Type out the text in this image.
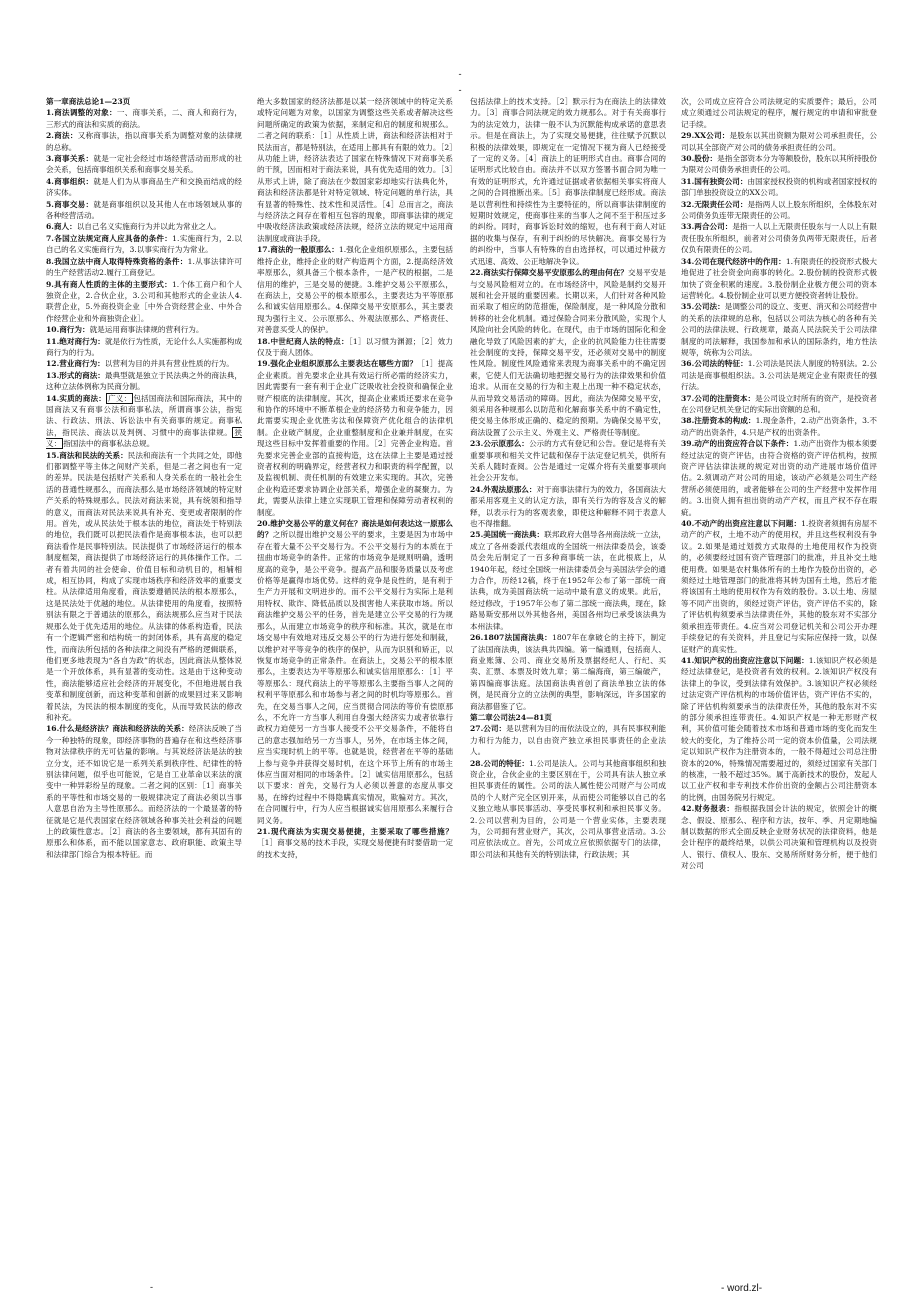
-
-

第一章商法总论1—23页

1.商法调整的对象：一、商事关系，二、商人和商行为，三形式的商法和实质的商法。

2.商法：又称商事法，指以商事关系为调整对象的法律规的总称。

3.商事关系：就是一定社会经过市场经营活动而形成的社会关系，包括商事组织关系和商事交易关系。

4.商事组织：就是人们为从事商品生产和交换而结成的经济实体。

5.商事交易：就是商事组织以及其他人在市场领域从事的各种经营活动。

6.商人：以自己名义实施商行为并以此为常业之人。

7.各国立法规定商人应具备的条件：1.实施商行为，2.以自己的名义实施商行为，3.以事实商行为为常业。

8.我国立法中商人取得特殊资格的条件：1.从事法律许可的生产经营活动2.履行工商登记。

9.具有商人性质的主体的主要形式：1.个体工商户和个人独资企业，2.合伙企业，3.公司和其他形式的企业法人4.联营企业，5.外商投资企业［中外合资经营企业、中外合作经营企业和外商独资企业］。

10.商行为：就是运用商事法律规的营利行为。

11.绝对商行为：就是依行为性质，无论什么人实施都构成商行为的行为。

12.营业商行为：以营利为目的并具有营业性质的行为。

13.形式的商法：最典型就是独立于民法典之外的商法典，这种立法体例称为民商分制。

14.实质的商法： 广义： 包括国商法和国际商法，其中的国商法又有商事公法和商事私法，所谓商事公法，指宪法、行政法、刑法、诉讼法中有关商事的规定。商事私法，指民法、商法以及判例、习惯中的商事法律规。 狭义： 指国法中的商事私法总规。

15.商法和民法的关系：民法和商法有一个共同之处，即他们都调整平等主体之间财产关系，但是二者之间也有一定的差异。民法是包括财产关系和人身关系在的一般社会生活的普通性规那么，而商法那么是市场经济领域的特定财产关系的特殊规那么。民法对商法来说，具有统领和指导的意义，而商法对民法来说具有补充、变更或者限制的作用。首先，或从民法处于根本法的地位，商法处于特别法的地位，我们既可以把民法看作是商事根本法，也可以把商法看作是民事特别法。民法提供了市场经济运行的根本制度框架，商法提供了市场经济运行的具体操作工作。二者有着共同的社会使命、价值目标和动机目的，相辅相成，相互协同，构成了实现市场秩序和经济效率的重要支柱。从法律适用角度看，商法要遵循民法的根本原那么，这是民法处于优越的地位。从法律使用的角度看，按照特别法有限之于普通法的原那么，商法规那么应当对于民法规那么处于优先适用的地位。从法律的体系构造看，民法有一个逻辑严密和结构统一的封闭体系，具有高度的稳定性，而商法所包括的各种法律之间没有严格的逻辑联系，他们更多地表现为“各自为政”的状态，因此商法从整体说是一个开放体系，具有显著的变动性。这是由于这种变动性，商法能够适应社会经济的开展变化，不但地进展自我变革和制度创新，而这种变革和创新的成果回过来又影响着民法，为民法的根本制度的变化，从而导致民法的修改和补充。

16.什么是经济法？商法和经济法的关系：经济法反映了当今一种独特的现象，即经济事物的普遍存在和这些经济事物对法律秩序的无可估量的影响。与其说经济法是法的独立分支，还不如说它是一系列关系到秩序性、纪律性的特别法律问题，似乎也可能说，它是自工业革命以来法的演变中一种异彩纷呈的现象。二者之间的区别：［1］商事关系的平等性和市场交易的一般规律决定了商法必须以当事人意思自治为主导性原那么。而经济法的一个最显著的特征就是它是代表国家在经济领域各种事关社会利益的问题上的政策性意志。［2］商法的各主要领域，都有其固有的原那么和体系，而不能以国家意志、政府职能、政策主导和法律部门综合为根本特征。而

绝大多数国家的经济法都是以某一经济领域中的特定关系或特定问题为对象，以国家为调整这些关系或者解决这些问题所确定的政策为依据，来制定和启的制度和规那么。二者之间的联系：［1］从性质上讲，商法和经济法相对于民法而言，都是特别法，在适用上都具有有限的效力。［2］从功能上讲，经济法表达了国家在特殊情况下对商事关系的干预，因而相对于商法来说，具有优先适用的效力。［3］从形式上讲，除了商法在少数国家彩却地实行法典化外，商法和经济法都是针对特定领域、特定问题的单行法，具有显著的特殊性、技术性和灵活性。［4］总而言之，商法与经济法之间存在着相互包容的现象，即商事法律的规定中吸收经济法政策或经济法规，经济立法的规定中运用商法制度或商法手段。

17.商法的一般原那么：1.强化企业组织原那么，主要包括维持企业，维持企业的财产构造两个方面，2.提高经济效率原那么，须具备三个根本条件，一是产权的根据，二是信用的维护，三是交易的便捷。3.维护交易公平原那么，在商法上，交易公平的根本原那么，主要表达为平等原那么和诚实信用原那么。4.保障交易平安原那么，其主要表现为强行主义、公示原那么、外观法原那么、严格责任、对善意买受人的保护。

18.中世纪商人法的特点：［1］以习惯为渊源；［2］效力仅及于商人团体。

19.强化企业组织原那么主要表达在哪些方面？［1］提高企业素质。首先要求企业具有效运行所必需的经济实力，因此需要有一套有利于企业广泛吸收社会投资和确保企业财产根底的法律制度。其次，提高企业素质还要求在竞争和协作的环境中不断革根企业的经济势力和竞争能力，因此需要实现企业优胜劣汰和保障资产优化组合的法律机制。企业破产制度，企业重整制度和企业兼并制度，在实现这些目标中发挥着重要的作用。［2］完善企业构造。首先要求完善企业部的直接构造，这在法律上主要是通过授资者权利的明确界定，经营者权力和职责的科学配置，以及监视机制、责任机制的有效建立来实现的。其次，完善企业构造还要求协调企业部关系，增强企业的凝聚力。为此，需要从法律上建立实现职工管理和保障劳动者权利的制度。

20.维护交易公平的意义何在？商法是如何表达这一原那么的？之所以提出维护交易公平的要求，主要是因为市场中存在着大量不公平交易行为。不公平交易行为的本质在于扭曲市场竞争的条件。正常的市场竞争是规则明确，透明度高的竞争，是公平竞争。提高产品和服务质量以及考虑价格等是赢得市场优势。这样的竞争是良性的，是有利于生产力开展和文明进步的。而不公平交易行为实际上是利用特权、欺诈、降低品质以及损害他人来获取市场。所以商法维护交易公平的任务，首先是建立公平交易的行为规那么，从而建立市场竞争的秩序和标准。其次，就是在市场交易中有效地对违反交易公平的行为进行惩处和制裁，以维护对平等竞争的秩序的保护，从而为识别和矫正，以恢复市场竞争的正常条件。在商法上，交易公平的根本原那么，主要表达为平等原那么和诚实信用原那么：［1］平等原那么：现代商法上的平等原那么主要指当事人之间的权利平等原那么和市场参与者之间的时机均等原那么。首先，在交易当事人之间，应当贯彻合同法的等价有偿原那么，不允许一方当事人利用自身强大经济实力或者依靠行政权力迫使另一方当事人接受不公平交易条件，不能将自己的意志强加给另一方当事人，另外，在市场主体之间，应当实现时机上的平等。也就是说，经营者在平等的基础上参与竞争并获得交易时机，在这个环节上所有的市场主体应当面对相同的市场条件。［2］诚实信用原那么，包括以下要求：首先，交易行为人必须以善意的态度从事交易，在缔约过程中不得隐瞒真实情况，欺骗对方。其次，在合同履行中，行为人应当根据诚实信用原那么来履行合同义务。

21.现代商法为实现交易便捷，主要采取了哪些措施？［1］商事交易的技术手段，实现交易便捷有时要借助一定的技术支持，

包括法律上的技术支持。［2］默示行为在商法上的法律效力。［3］商事合同法规定的效力规那么。对于有关商事行为的法定效力，法律一般不认为沉默能构成承诺的意思表示。但是在商法上，为了实现交易便捷，往往赋予沉默以积极的法律效果，即规定在一定情况下视为商人已经接受了一定的义务。［4］商法上的证明形式自由。商事合同的证明形式比较自由。商法并不以双方签署书面合同为唯一有效的证明形式，允许通过证据或者依据相关事实将商人之间的合同推断出来。［5］商事法律制度已经形成。商法是以营利性和持续性为主要特征的，所以商事法律制度的短期时效规定，使商事往来的当事人之间不至于积压过多的纠纷。同时，商事诉讼时效的缩短，也有利于商人对证据的收集与保存，有利于纠纷的尽快解决。商事交易行为的纠纷中，当事人有特殊的自由选择权，可以通过仲裁方式迅速、高效、公正地解决争议。

22.商法实行保障交易平安原那么的理由何在？交易平安是与交易风险相对立的。在市场经济中，风险是制约交易开展和社会开展的重要因素。长期以来，人们针对各种风险而采取了相应的防范措施，保险制度，是一种风险分散和转移的社会化机制。通过保险合同来分散风险，实现个人风险向社会风险的转化。在现代，由于市场的国际化和金融化导致了风险因素的扩大，企业的抗风险能力往往需要社会制度的支持，保障交易平安，还必须对交易中的制度性风险。制度性风险通常来表现为商事关系中的不确定因素，它使人们无法确切地把握交易行为的法律效果和价值追求。从而在交易的行为和主观上出现一种不稳定状态，从而导致交易活动的障碍。因此，商法为保障交易平安，须采用各种规那么以防范和化解商事关系中的不确定性，使交易主体形成正确的、稳定的预期。为确保交易平安，商法设置了公示主义、外观主义、严格责任等制度。

23.公示原那么：公示的方式有登记和公告。登记是将有关重要事项和相关文件记载和保存于法定登记机关，供所有关系人随时查阅。公告是通过一定媒介将有关重要事项向社会公开发布。

24.外观法原那么：对于商事法律行为的效力，各国商法大都采用客观主义的认定方法，即有关行为的容及含义的解释，以表示行为的客观表象，即使这种解释不同于表意人也不得推翻。

25.美国统一商法典：联邦政府大倡导各州商法统一立法，成立了各州委派代表组成的全国统一州法律委员会，该委员会先后制定了一百多种商事统一法，在此根底上，从1940年起，经过全国统一州法律委员会与美国法学会的通力合作，历经12稿，终于在1952年公布了第一部统一商法典，成为美国商法统一运动中最有意义的成果。此后，经过修改，于1957年公布了第二部统一商法典，现在，除路易斯安那州以外其他各州，美国各州均已承受该法典为本州法律。

26.1807法国商法典：1807年在拿破仑的主持下，制定了法国商法典，该法典共四编。第一编通则，包括商人、商业账簿、公司、商业交易所及票据经纪人、行纪、买卖、汇票、本票及时效九章；第二编海商，第三编破产，第四编商事法庭。法国商法典首创了商法单独立法的体例，是民商分立的立法例的典型，影响深远，许多国家的商法都借鉴了它。

第二章公司法24—81页

27.公司：是以营利为目的而依法设立的，具有民事权利能力和行为能力，以自由资产独立承担民事责任的企业法人。

28.公司的特征：1.公司是法人。公司与其他商事组织和独资企业，合伙企业的主要区别在于，公司具有法人独立承担民事责任的属性。公司的法人属性使公司财产与公司成员的个人财产完全区别开来，从而使公司能够以自己的名义独立地从事民事活动、享受民事权利和承担民事义务。2.公司以营利为目的，公司是一个营业实体，主要表现为，公司拥有营业财产，其次，公司从事营业活动。3.公司应依法成立。首先，公司成立应依照依据专门的法律，即公司法和其他有关的特别法律，行政法规；其

次，公司成立应符合公司法规定的实质要件；最后，公司成立须通过公司法规定的程序，履行规定的申请和审批登记手续。

29.XX公司：是股东以其出资额为限对公司承担责任，公司以其全部资产对公司的债务承担责任的公司。

30.股份：是指全部资本分为等额股份，股东以其所持股份为限对公司债务承担责任的公司。

31.国有独资公司：由国家授权投资的机构或者国家授权的部门单独投资设立的XX公司。

32.无限责任公司：是指两人以上股东所组织，全体股东对公司债务负连带无限责任的公司。

33.两合公司：是指一人以上无限责任股东与一人以上有限责任股东所组织，前者对公司债务负两带无限责任，后者仅负有限责任的公司。

34.公司在现代经济中的作用：1.有限责任的投资形式极大地促进了社会资金向商事的转化。2.股份制的投资形式极加快了资金积累的速度。3.股份制企业极方便公司的资本运营转化。4.股份制企业可以更方便投资者转让股份。

35.公司法：是调整公司的设立、变更、消灭和公司经营中的关系的法律规的总称，包括以公司法为核心的各种有关公司的法律法规、行政规章，最高人民法院关于公司法律制度的司法解释，我国参加和承认的国际条约，地方性法规等，统称为公司法。

36.公司法的特征：1.公司法是民法人制度的特别法。2.公司法是商事根组织法。3.公司法是规定企业有限责任的强行法。

37.公司的注册资本：是公司设立时所有的资产，是投资者在公司登记机关登记的实际出资额的总和。

38.注册资本的构成：1.现金条件，2.动产出资条件，3.不动产的出资条件，4.只是产权的出资条件。

39.动产的出资应符合以下条件：1.动产出资作为根本须要经过法定的资产评估，由符合资格的资产评估机构，按照资产评估法律法规的规定对出资的动产进展市场价值评估。2.须调动产对公司的用途，该动产必须是公司生产经营所必须使用的，或者能够在公司的生产经营中发挥作用的。3.出资人拥有担出资的动产产权，而且产权不存在瑕疵。

40.不动产的出资应注意以下问题：1.投资者须拥有房屋不动产的产权，土地不动产的使用权，并且这些权利没有争议。2.如果是通过划拨方式取得的土地使用权作为投资的，必须要经过国有资产管理部门的批准，并且补交土地使用费。如果是农村集体所有的土地作为股份出资的，必须经过土地管理部门的批准将其转为国有土地，然后才能将该国有土地的使用权作为有效的股份。3.以土地、房屋等不同产出资的，须经过资产评估，资产评估不实的，除了评估机构须要承当法律责任外，其他的股东对不实部分须承担连带责任。4.应当对公司登记机关和公司公开办理手续登记的有关资料，并且登记与实际应保持一致，以保证财产的真实性。

41.知识产权的出资应注意以下问题：1.该知识产权必须是经过法律登记，是投资者有效的权利。2.该知识产权没有法律上的争议，受到法律有效保护。3.该知识产权必须经过法定资产评估机构的市场价值评估，资产评估不实的，除了评估机构须要承当的法律责任外，其他的股东对不实的部分须承担连带责任。4.知识产权是一种无形财产权利，其价值可能会随着技术市场和普通市场的变化而发生较大的变化，为了维持公司一定的资本价值量，公司法规定以知识产权作为注册资本的，一般不得超过公司总注册资本的20%，特殊情况需要超过的，须经过国家有关部门的核准，一般不超过35%。属于高新技术的股份，发起人以工业产权和非专利技术作价出资的金额占公司注册资本的比例，由国务院另行规定。

42.财务报表：指根据我国会计法的规定，依照会计的概念、假设、原那么、程序和方法，按年、季、月定期地编制以数据的形式全面反映企业财务状况的法律资料，他是会计程序的最终结果，以供公司决策和管理机构以及投资人、银行、债权人、股东、交易所所财务分析，便于他们对公司

-	- word.zl-
